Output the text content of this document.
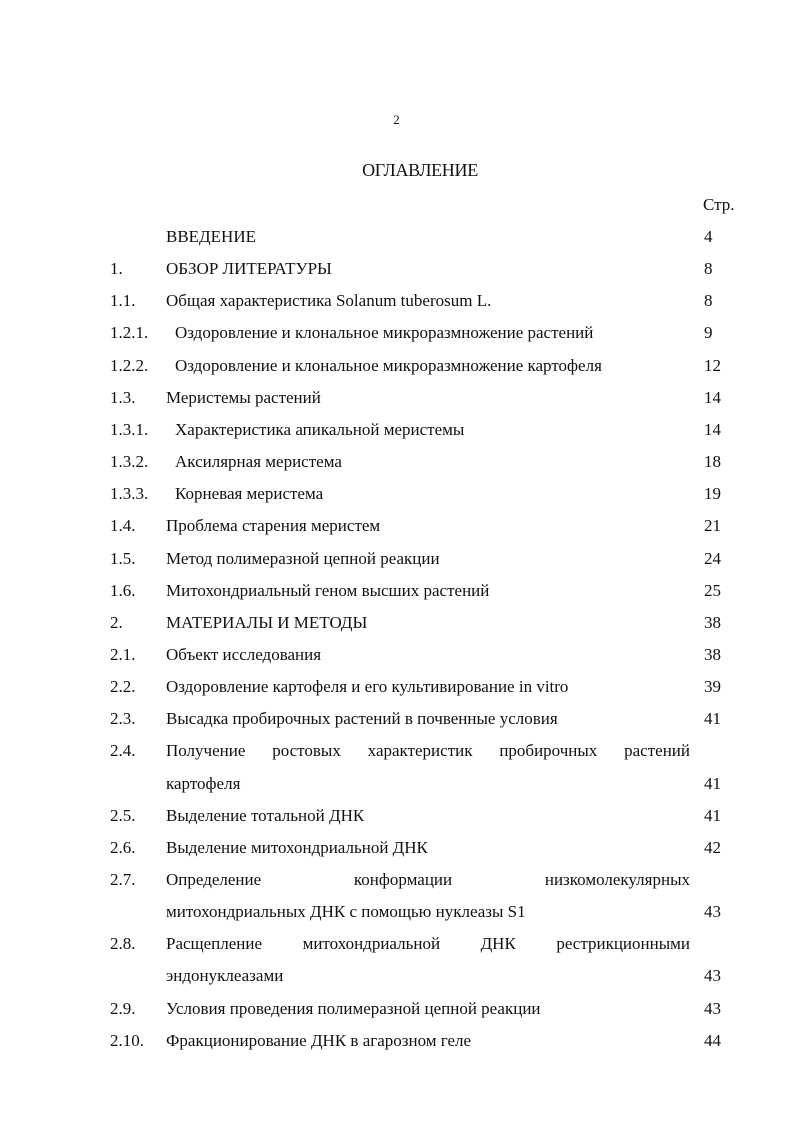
2
ОГЛАВЛЕНИЕ
Стр.
ВВЕДЕНИЕ	4
1.	ОБЗОР ЛИТЕРАТУРЫ	8
1.1. Общая характеристика Solanum tuberosum L.	8
1.2.1. Оздоровление и клональное микроразмножение растений	9
1.2.2. Оздоровление и клональное микроразмножение картофеля	12
1.3. Меристемы растений	14
1.3.1. Характеристика апикальной меристемы	14
1.3.2. Аксилярная меристема	18
1.3.3. Корневая меристема	19
1.4. Проблема старения меристем	21
1.5. Метод полимеразной цепной реакции	24
1.6. Митохондриальный геном высших растений	25
2.	МАТЕРИАЛЫ И МЕТОДЫ	38
2.1. Объект исследования	38
2.2. Оздоровление картофеля и его культивирование in vitro	39
2.3. Высадка пробирочных растений в почвенные условия	41
2.4. Получение ростовых характеристик пробирочных растений
картофеля	41
2.5. Выделение тотальной ДНК	41
2.6. Выделение митохондриальной ДНК	42
2.7. Определение конформации низкомолекулярных
митохондриальных ДНК с помощью нуклеазы S1	43
2.8. Расщепление митохондриальной ДНК рестрикционными
эндонуклеазами	43
2.9. Условия проведения полимеразной цепной реакции	43
2.10. Фракционирование ДНК в агарозном геле	44
